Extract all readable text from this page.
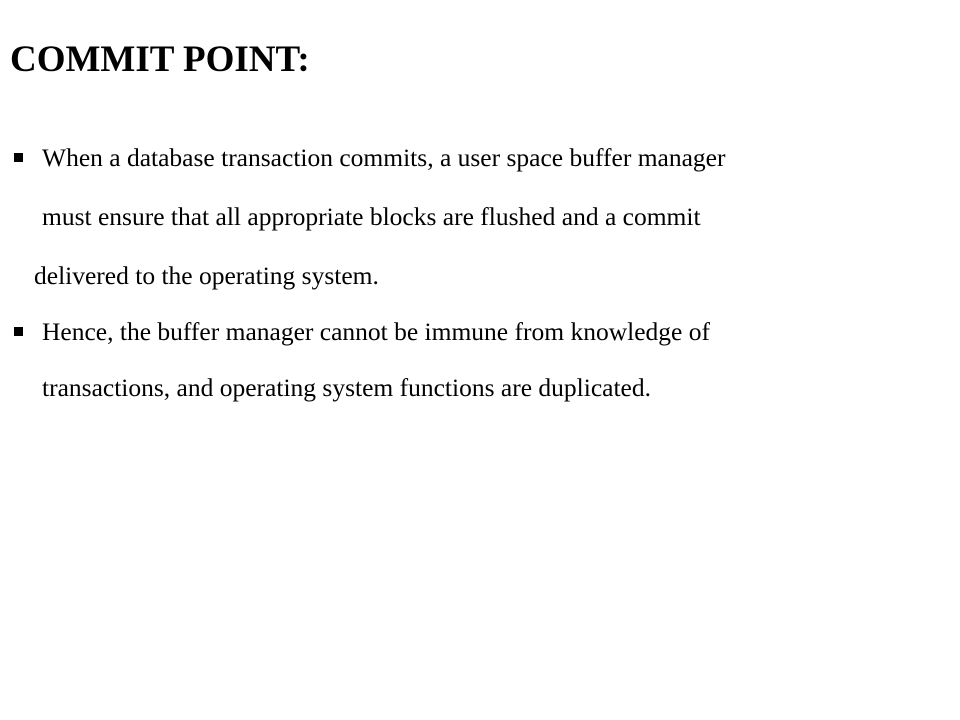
COMMIT POINT:

When a database transaction commits, a user space buffer manager

must ensure that all appropriate blocks are flushed and a commit

delivered to the operating system.

Hence, the buffer manager cannot be immune from knowledge of

transactions, and operating system functions are duplicated.
